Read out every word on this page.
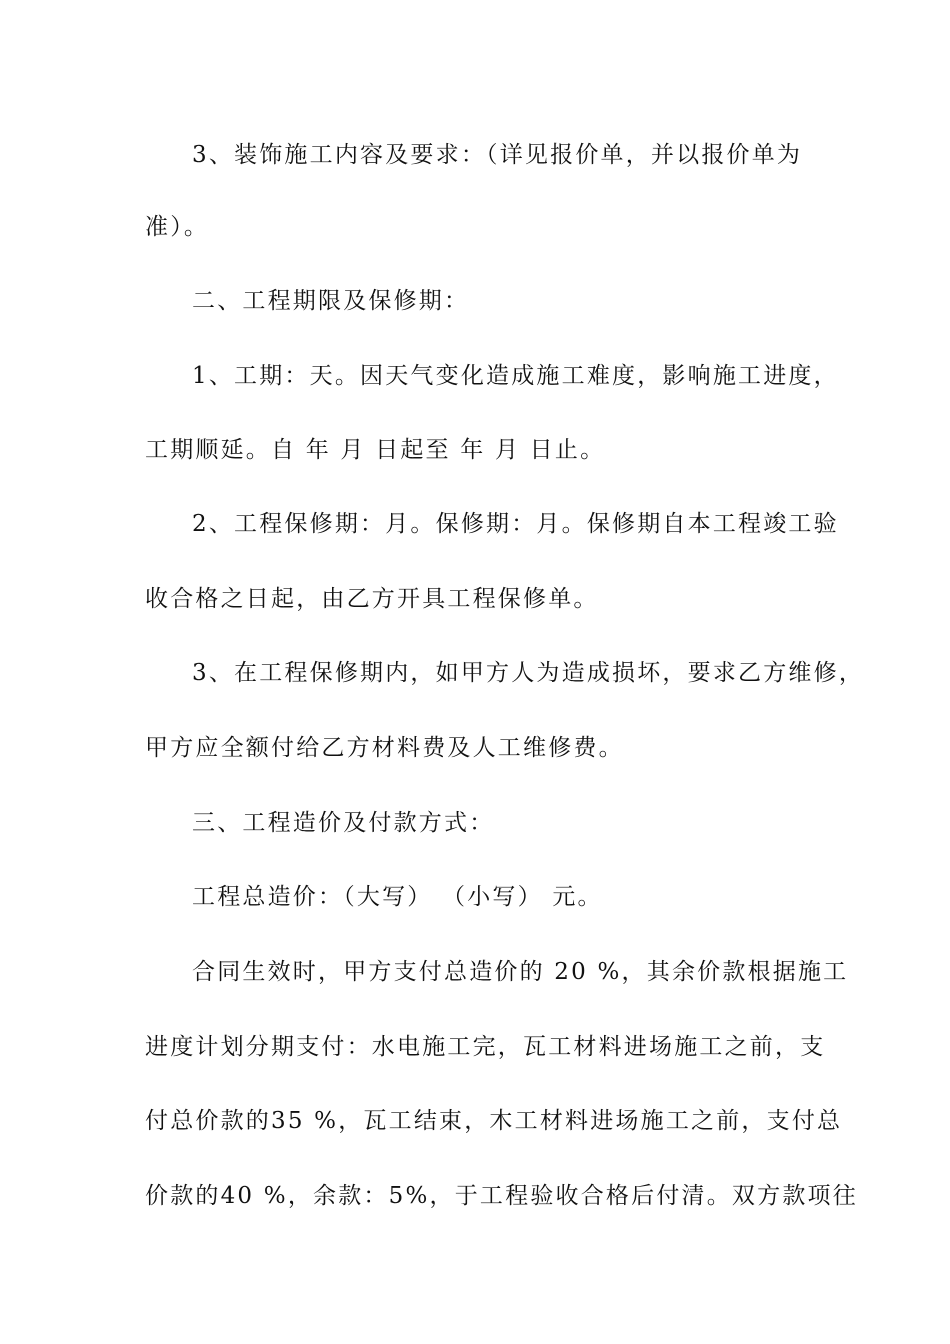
3、装饰施工内容及要求：（详见报价单，并以报价单为
准）。
二、工程期限及保修期：
1、工期：天。因天气变化造成施工难度，影响施工进度，
工期顺延。自 年 月 日起至 年 月 日止。
2、工程保修期：月。保修期：月。保修期自本工程竣工验
收合格之日起，由乙方开具工程保修单。
3、在工程保修期内，如甲方人为造成损坏，要求乙方维修，
甲方应全额付给乙方材料费及人工维修费。
三、工程造价及付款方式：
工程总造价：（大写） （小写） 元。
合同生效时，甲方支付总造价的 20 %，其余价款根据施工
进度计划分期支付：水电施工完，瓦工材料进场施工之前，支
付总价款的35 %，瓦工结束，木工材料进场施工之前，支付总
价款的40 %，余款：5%，于工程验收合格后付清。双方款项往
